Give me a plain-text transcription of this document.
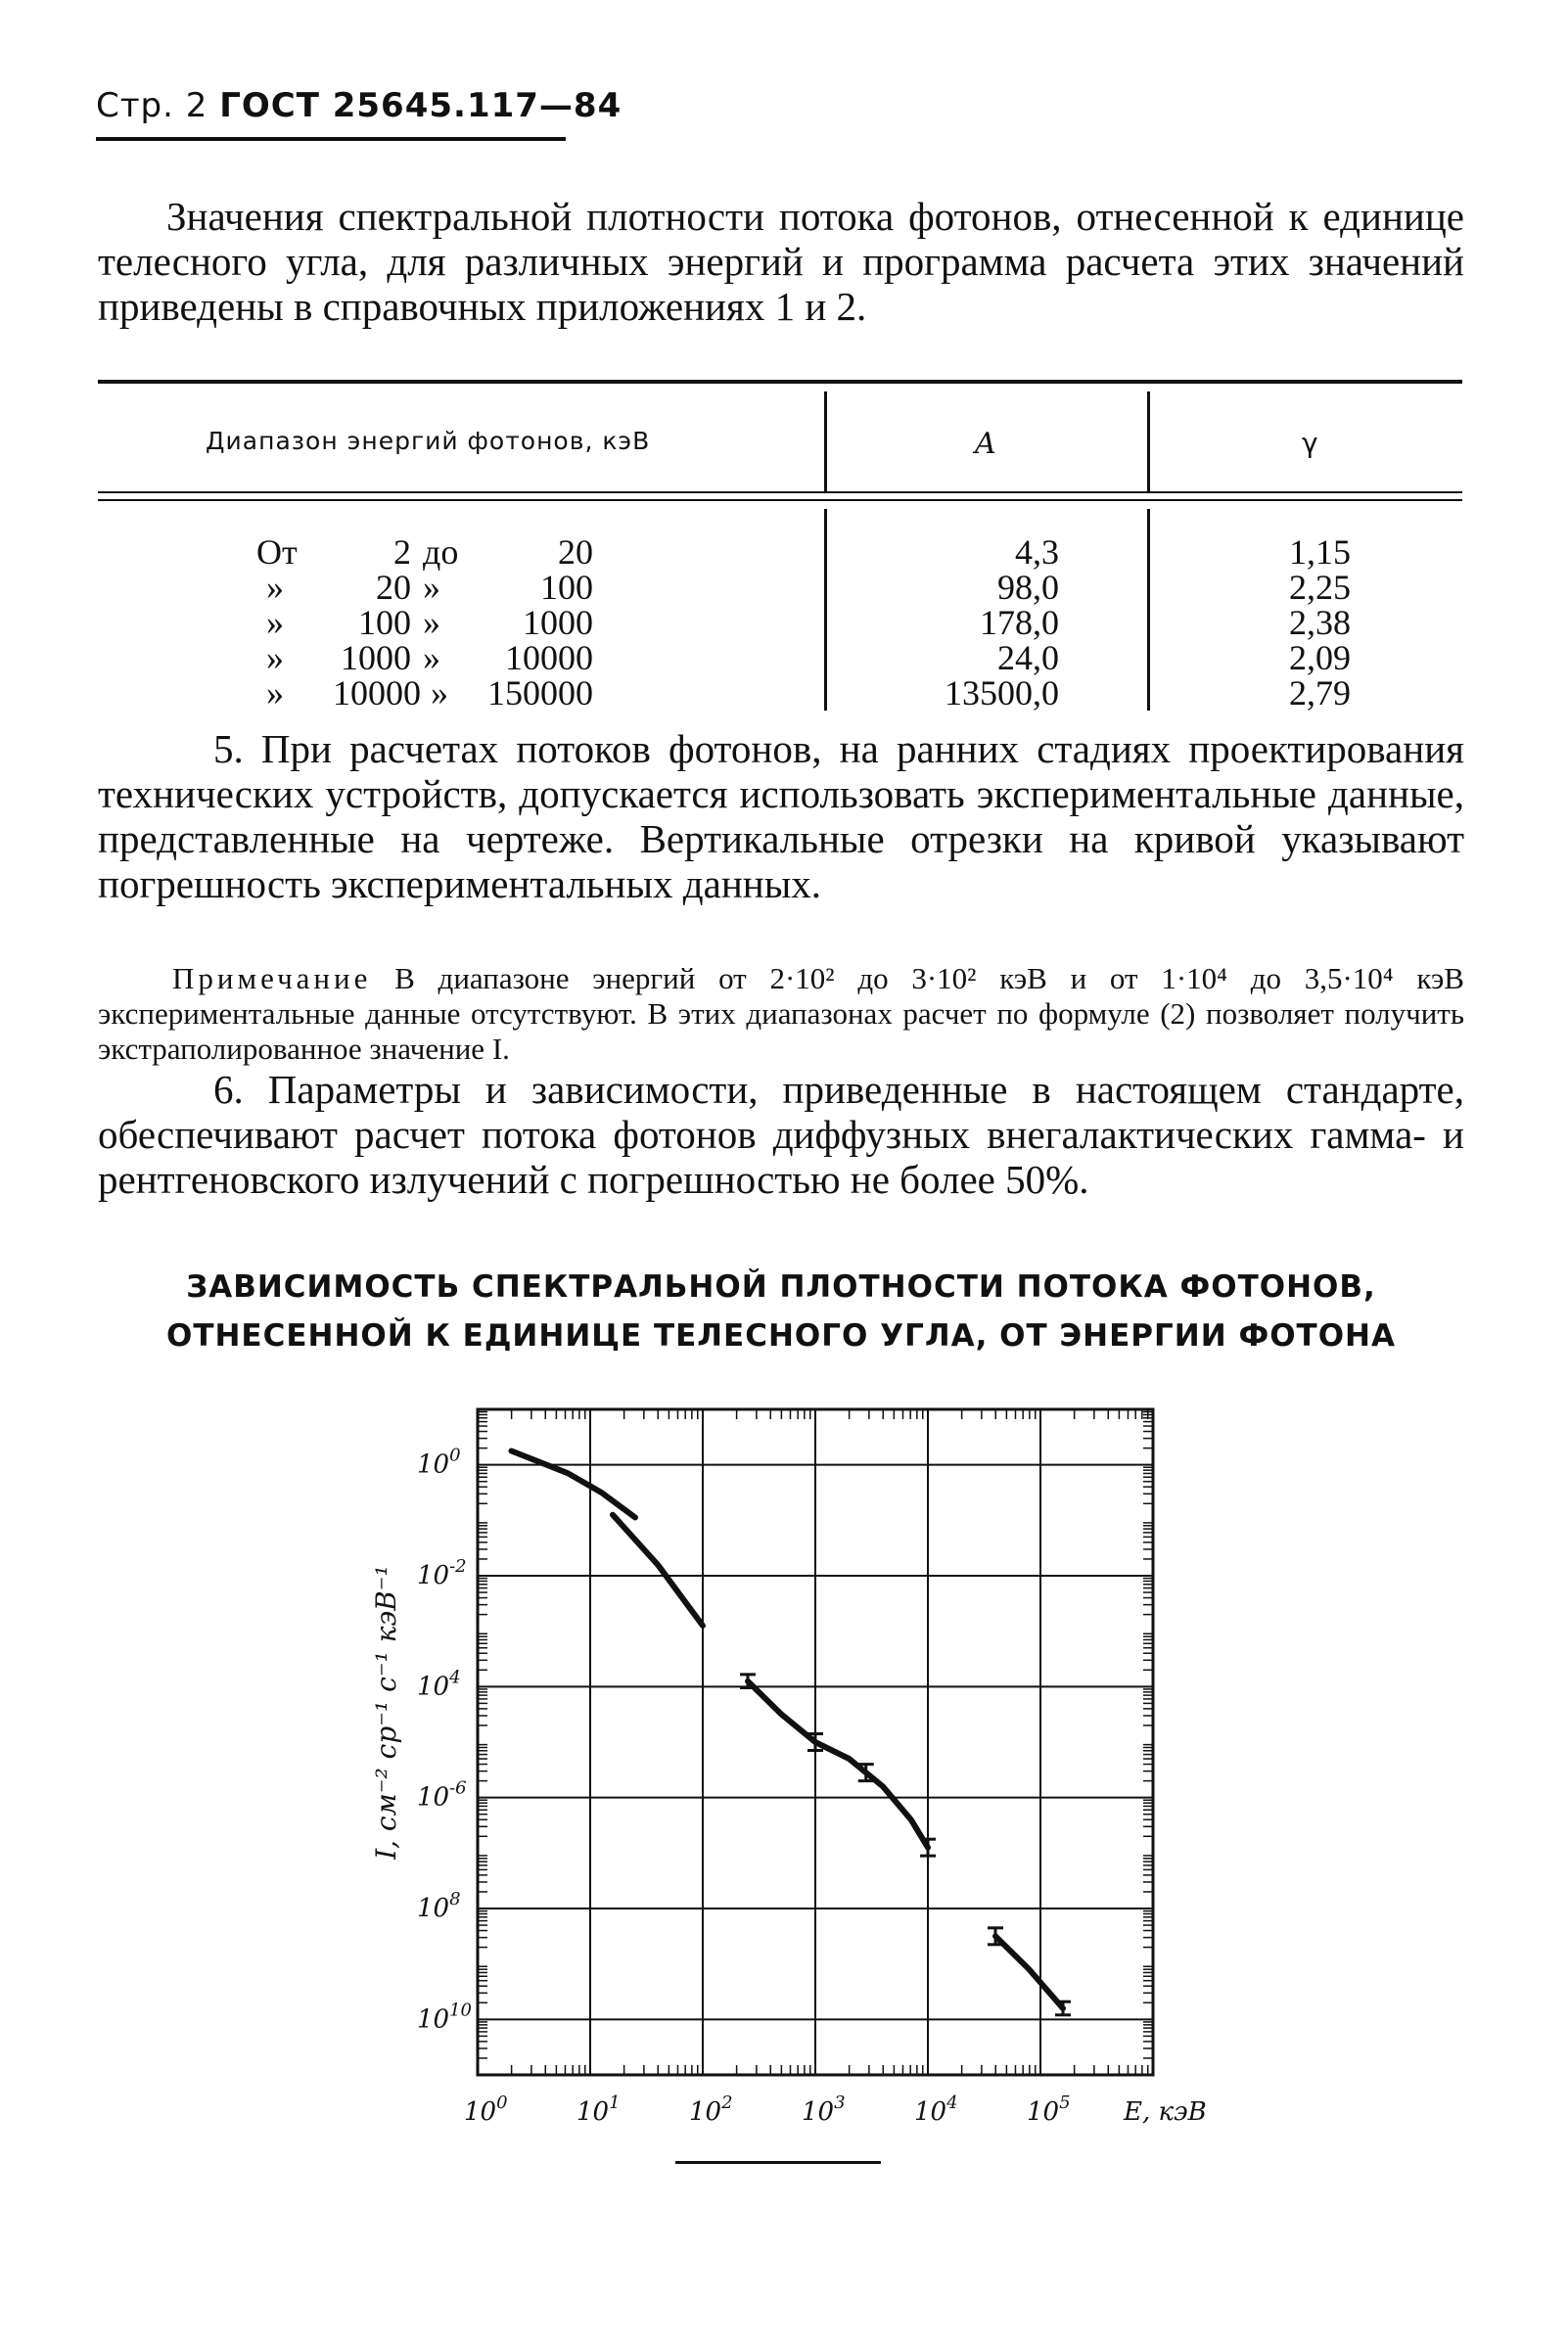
Стр. 2 ГОСТ 25645.117—84
Значения спектральной плотности потока фотонов, отнесенной к единице телесного угла, для различных энергий и программа расчета этих значений приведены в справочных приложениях 1 и 2.
Диапазон энергий фотонов, кэВ	A	γ
От	2 до	20	4,3	1,15
»	20 »	100	98,0	2,25
»	100 »	1000	178,0	2,38
»	1000 »	10000	24,0	2,09
»	10000 »	150000	13500,0	2,79
5. При расчетах потоков фотонов, на ранних стадиях проектирования технических устройств, допускается использовать экспериментальные данные, представленные на чертеже. Вертикальные отрезки на кривой указывают погрешность экспериментальных данных.
Примечание В диапазоне энергий от 2·10² до 3·10² кэВ и от 1·10⁴ до 3,5·10⁴ кэВ экспериментальные данные отсутствуют. В этих диапазонах расчет по формуле (2) позволяет получить экстраполированное значение I.
6. Параметры и зависимости, приведенные в настоящем стандарте, обеспечивают расчет потока фотонов диффузных внегалактических гамма- и рентгеновского излучений с погрешностью не более 50%.
ЗАВИСИМОСТЬ СПЕКТРАЛЬНОЙ ПЛОТНОСТИ ПОТОКА ФОТОНОВ,
ОТНЕСЕННОЙ К ЕДИНИЦЕ ТЕЛЕСНОГО УГЛА, ОТ ЭНЕРГИИ ФОТОНА
$10^0$	$10^1$	$10^2$	$10^3$	$10^4$	$10^5$ E, кэВ
$10^0$
$10^{-2}$
$10^4$
$10^{-6}$
$10^8$
$10^{10}$
I, см⁻² ср⁻¹ с⁻¹ кэВ⁻¹
